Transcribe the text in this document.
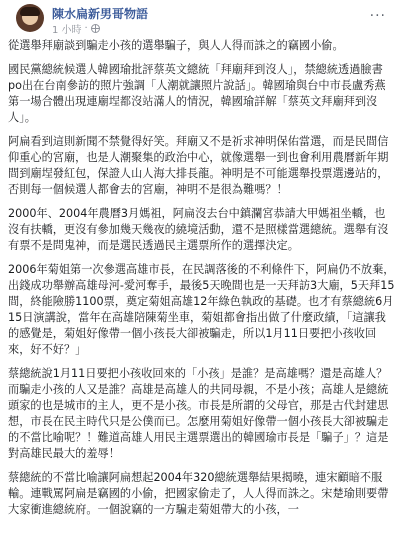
陳水扁新男哥物語
1 小時 ·
···

從選舉拜廟談到騙走小孩的選舉騙子，與人人得而誅之的竊國小偷。

國民黨總統候選人韓國瑜批評蔡英文總統「拜廟拜到沒人」，禁總統透過臉書po出在台南參訪的照片強調「人潮就讓照片說話」。韓國瑜與台中市長盧秀燕第一場合體出現連廟埕都沒站滿人的情況，韓國瑜詳解「蔡英文拜廟拜到沒人」。

阿扁看到這則新聞不禁覺得好笑。拜廟又不是祈求神明保佑當選，而是民間信仰重心的宮廟，也是人潮聚集的政治中心，就像選舉一到也會利用農曆新年期間到廟埕發紅包，保證人山人海大排長龍。神明是不可能選舉投票選邊站的，否則每一個候選人都會去的宮廟，神明不是很為難嗎？！

2000年、2004年農曆3月媽祖，阿扁沒去台中鎮瀾宮恭請大甲媽祖坐轎，也沒有扶轎，更沒有參加幾天幾夜的繞境活動，還不是照樣當選總統。選舉有沒有票不是問鬼神，而是選民透過民主選票所作的選擇決定。

2006年菊姐第一次參選高雄市長，在民調落後的不利條件下，阿扁仍不放棄，出錢成功舉辦高雄母河-愛河奪手，最後5天晚間也是一天拜訪3大廟，5天拜15間，終能險勝1100票，奠定菊姐高雄12年綠色執政的基礎。也才有蔡總統6月15日演講說，當年在高雄陪陳菊坐車，菊姐都會指出做了什麼政績，「這讓我的感覺是，菊姐好像帶一個小孩長大卻被騙走，所以1月11日要把小孩收回來，好不好？」

蔡總統說1月11日要把小孩收回來的「小孩」是誰？是高雄嗎？還是高雄人？而騙走小孩的人又是誰？高雄是高雄人的共同母親，不是小孩；高雄人是總統頭家的也是城市的主人，更不是小孩。市長是所謂的父母官，那是古代封建思想，市長在民主時代只是公僕而已。怎麼用菊姐好像帶一個小孩長大卻被騙走的不當比喻呢？！難道高雄人用民主選票選出的韓國瑜市長是「騙子」？這是對高雄民最大的羞辱！

蔡總統的不當比喻讓阿扁想起2004年320總統選舉結果揭曉，連宋顧暗不服輸。連戰罵阿扁是竊國的小偷，把國家偷走了，人人得而誅之。宋楚瑜則要帶大家衝進總統府。一個說竊的一方騙走菊姐帶大的小孩，一
